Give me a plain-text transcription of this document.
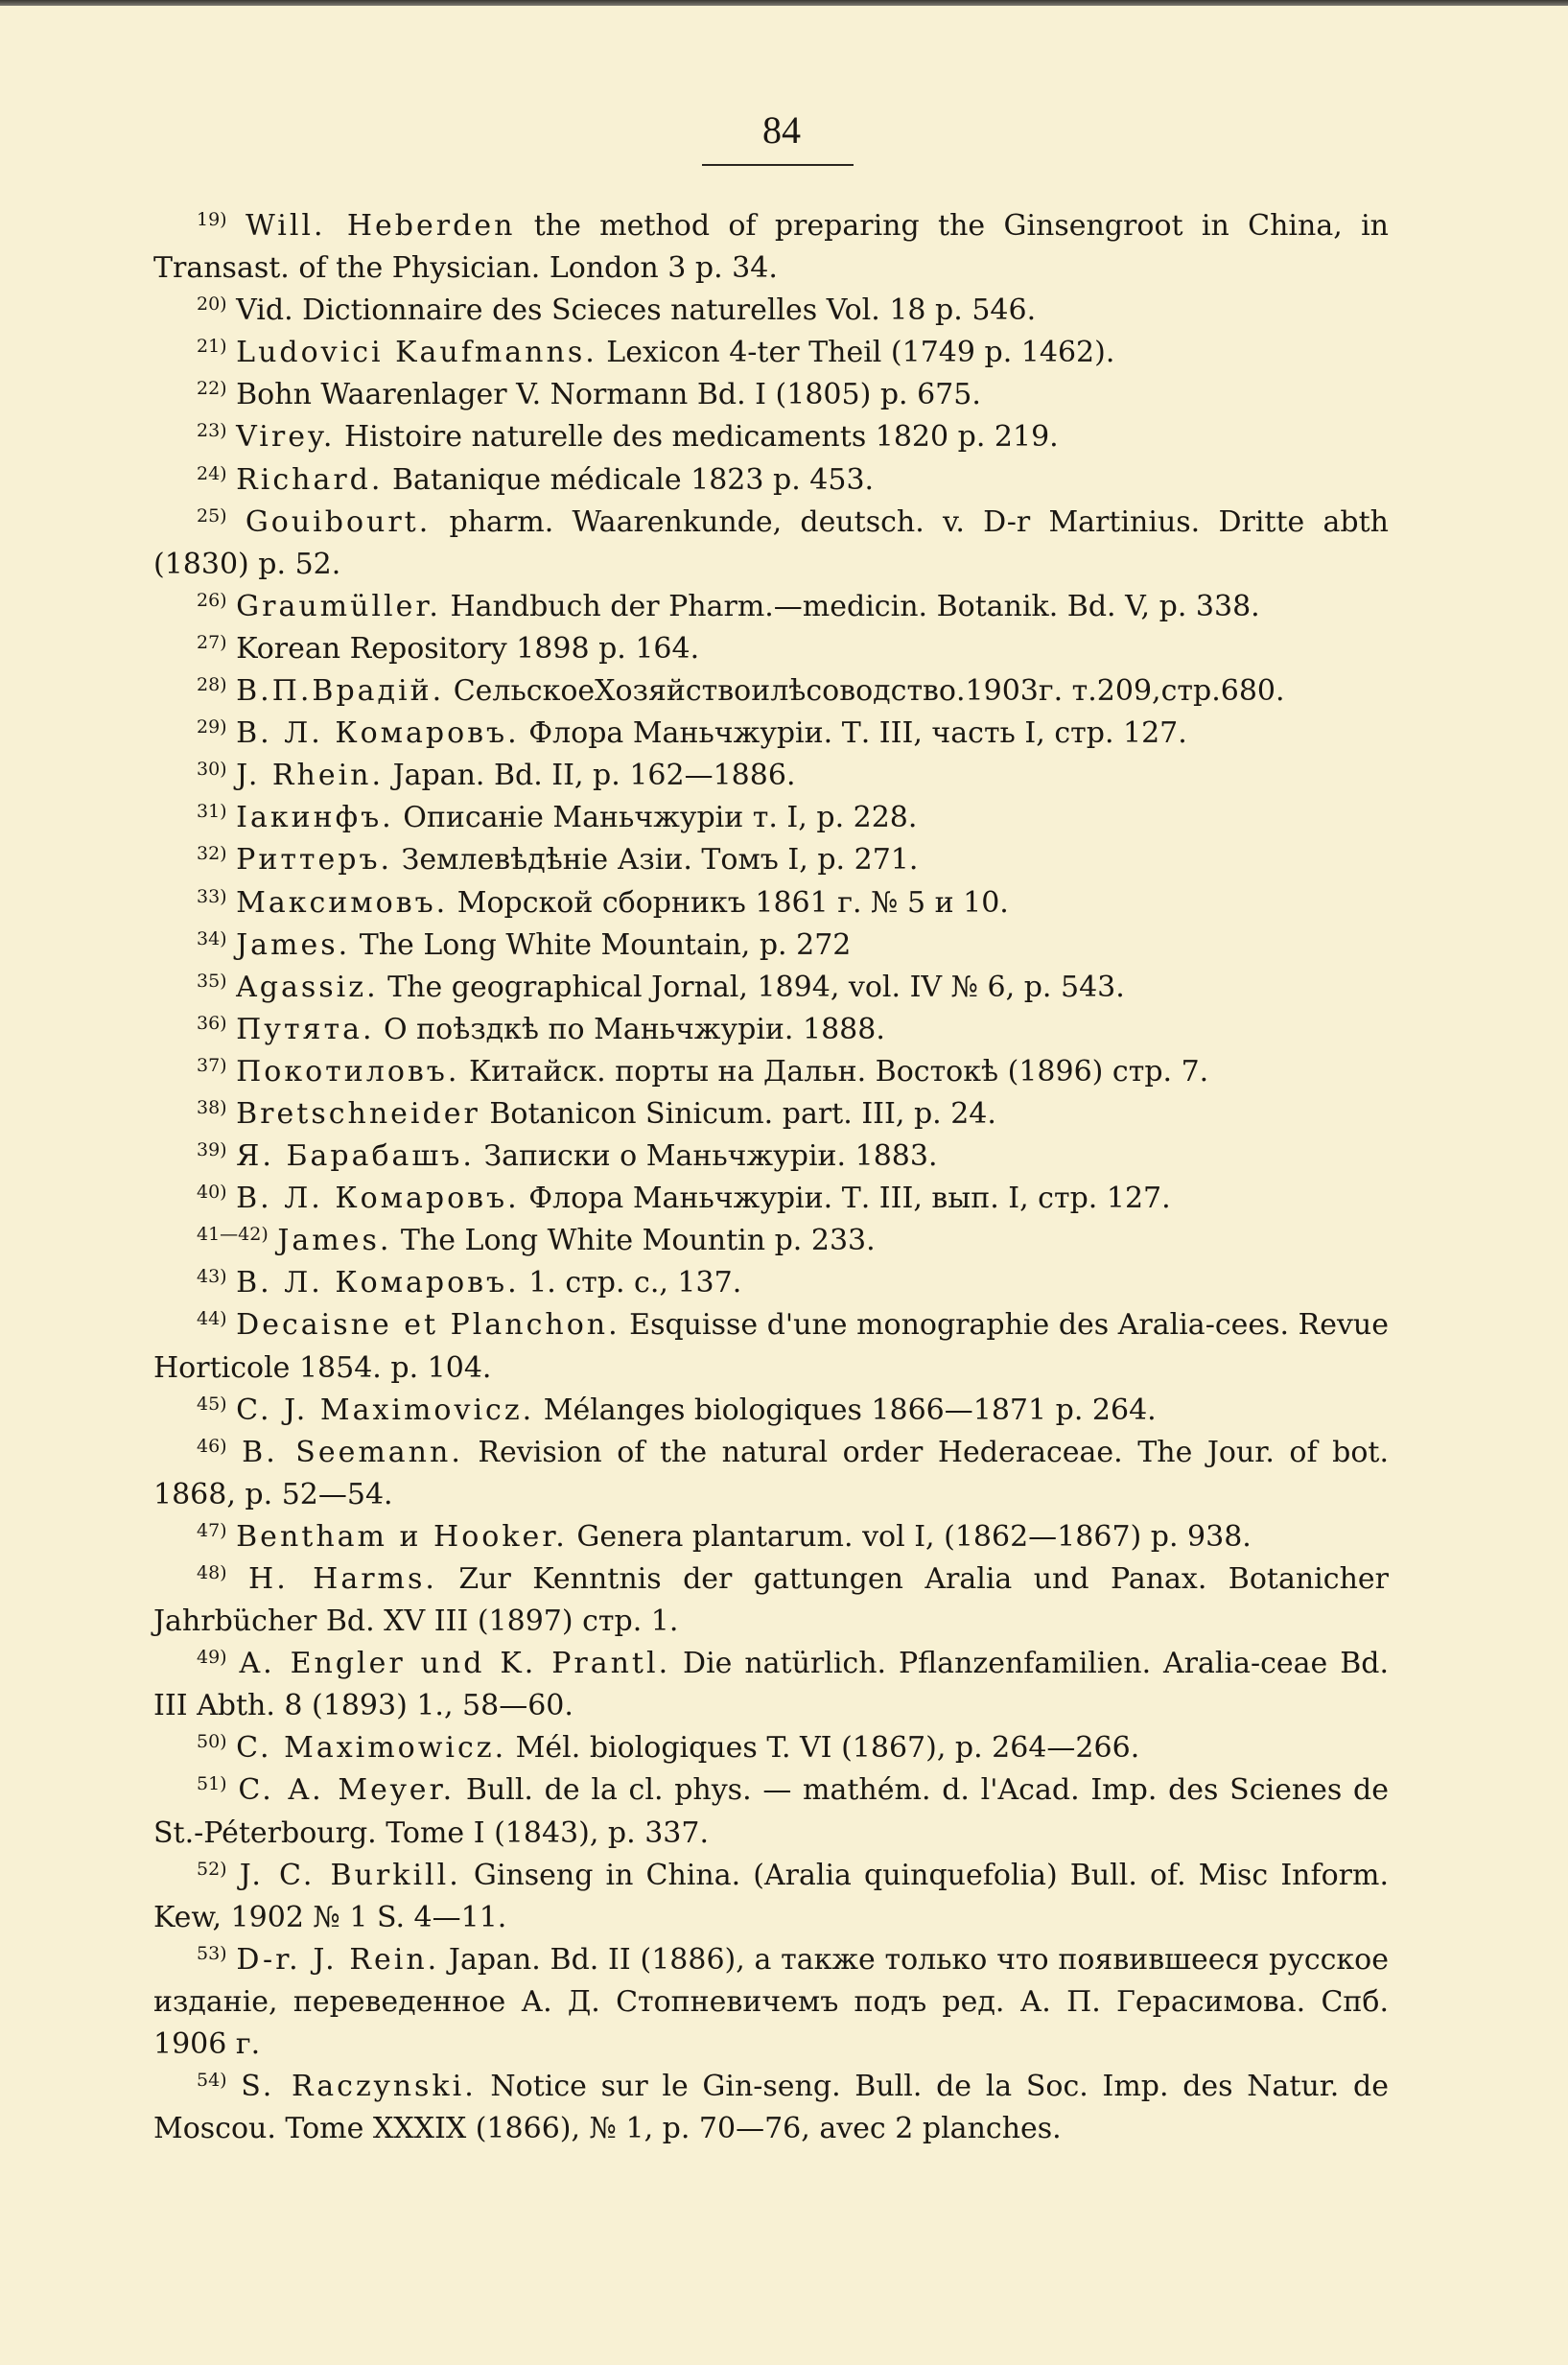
84
$^{19)}$ Will. Heberden the method of preparing the Ginsengroot in China, in Transast. of the Physician. London 3 p. 34.
$^{20)}$ Vid. Dictionnaire des Scieces naturelles Vol. 18 p. 546.
$^{21)}$ Ludovici Kaufmanns. Lexicon 4-ter Theil (1749 p. 1462).
$^{22)}$ Bohn Waarenlager V. Normann Bd. I (1805) p. 675.
$^{23)}$ Virey. Histoire naturelle des medicaments 1820 p. 219.
$^{24)}$ Richard. Batanique médicale 1823 p. 453.
$^{25)}$ Gouibourt. pharm. Waarenkunde, deutsch. v. D-r Martinius. Dritte abth (1830) p. 52.
$^{26)}$ Graumüller. Handbuch der Pharm.—medicin. Botanik. Bd. V, p. 338.
$^{27)}$ Korean Repository 1898 p. 164.
$^{28)}$ В.П.Врадій. СельскоеХозяйствоилѣсоводство.1903г. т.209,стр.680.
$^{29)}$ В. Л. Комаровъ. Флора Маньчжуріи. Т. III, часть I, стр. 127.
$^{30)}$ J. Rhein. Japan. Bd. II, p. 162—1886.
$^{31)}$ Іакинфъ. Описаніе Маньчжуріи т. I, р. 228.
$^{32)}$ Риттеръ. Землевѣдѣніе Азіи. Томъ I, р. 271.
$^{33)}$ Максимовъ. Морской сборникъ 1861 г. № 5 и 10.
$^{34)}$ James. The Long White Mountain, p. 272
$^{35)}$ Agassiz. The geographical Jornal, 1894, vol. IV № 6, p. 543.
$^{36)}$ Путята. О поѣздкѣ по Маньчжуріи. 1888.
$^{37)}$ Покотиловъ. Китайск. порты на Дальн. Востокѣ (1896) стр. 7.
$^{38)}$ Bretschneider Botanicon Sinicum. part. III, p. 24.
$^{39)}$ Я. Барабашъ. Записки о Маньчжуріи. 1883.
$^{40)}$ В. Л. Комаровъ. Флора Маньчжуріи. Т. III, вып. I, стр. 127.
$^{41—42)}$ James. The Long White Mountin p. 233.
$^{43)}$ В. Л. Комаровъ. 1. стр. с., 137.
$^{44)}$ Decaisne et Planchon. Esquisse d'une monographie des Aralia-cees. Revue Horticole 1854. p. 104.
$^{45)}$ C. J. Maximovicz. Mélanges biologiques 1866—1871 p. 264.
$^{46)}$ B. Seemann. Revision of the natural order Hederaceae. The Jour. of bot. 1868, p. 52—54.
$^{47)}$ Bentham и Hooker. Genera plantarum. vol I, (1862—1867) p. 938.
$^{48)}$ H. Harms. Zur Kenntnis der gattungen Aralia und Panax. Botanicher Jahrbücher Bd. XV III (1897) стр. 1.
$^{49)}$ A. Engler und K. Prantl. Die natürlich. Pflanzenfamilien. Aralia-ceae Bd. III Abth. 8 (1893) 1., 58—60.
$^{50)}$ C. Maximowicz. Mél. biologiques T. VI (1867), p. 264—266.
$^{51)}$ C. A. Meyer. Bull. de la cl. phys. — mathém. d. l'Acad. Imp. des Scienes de St.-Pétеrbourg. Tome I (1843), p. 337.
$^{52)}$ J. C. Burkill. Ginseng in China. (Aralia quinquefolia) Bull. of. Misc Inform. Kew, 1902 № 1 S. 4—11.
$^{53)}$ D-r. J. Rein. Japan. Bd. II (1886), а также только что появившееся русское изданіе, переведенное А. Д. Стопневичемъ подъ ред. А. П. Герасимова. Спб. 1906 г.
$^{54)}$ S. Raczynski. Notice sur le Gin-seng. Bull. de la Soc. Imp. des Natur. de Moscou. Tome XXXIX (1866), № 1, p. 70—76, avec 2 planches.
